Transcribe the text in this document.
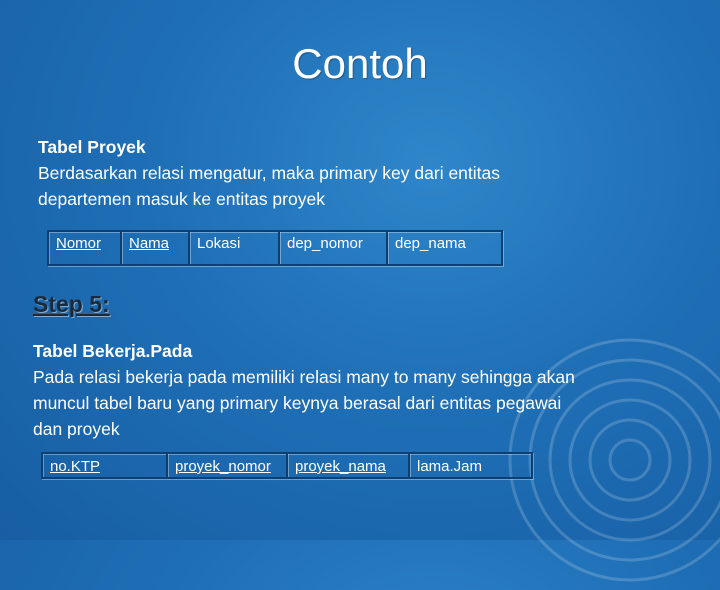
Contoh
Tabel Proyek
Berdasarkan relasi mengatur, maka primary key dari entitas
departemen masuk ke entitas proyek
Nomor	Nama	Lokasi	dep_nomor	dep_nama
Step 5:
Tabel Bekerja.Pada
Pada relasi bekerja pada memiliki relasi many to many sehingga akan
muncul tabel baru yang primary keynya berasal dari entitas pegawai
dan proyek
no.KTP	proyek_nomor	proyek_nama	lama.Jam
